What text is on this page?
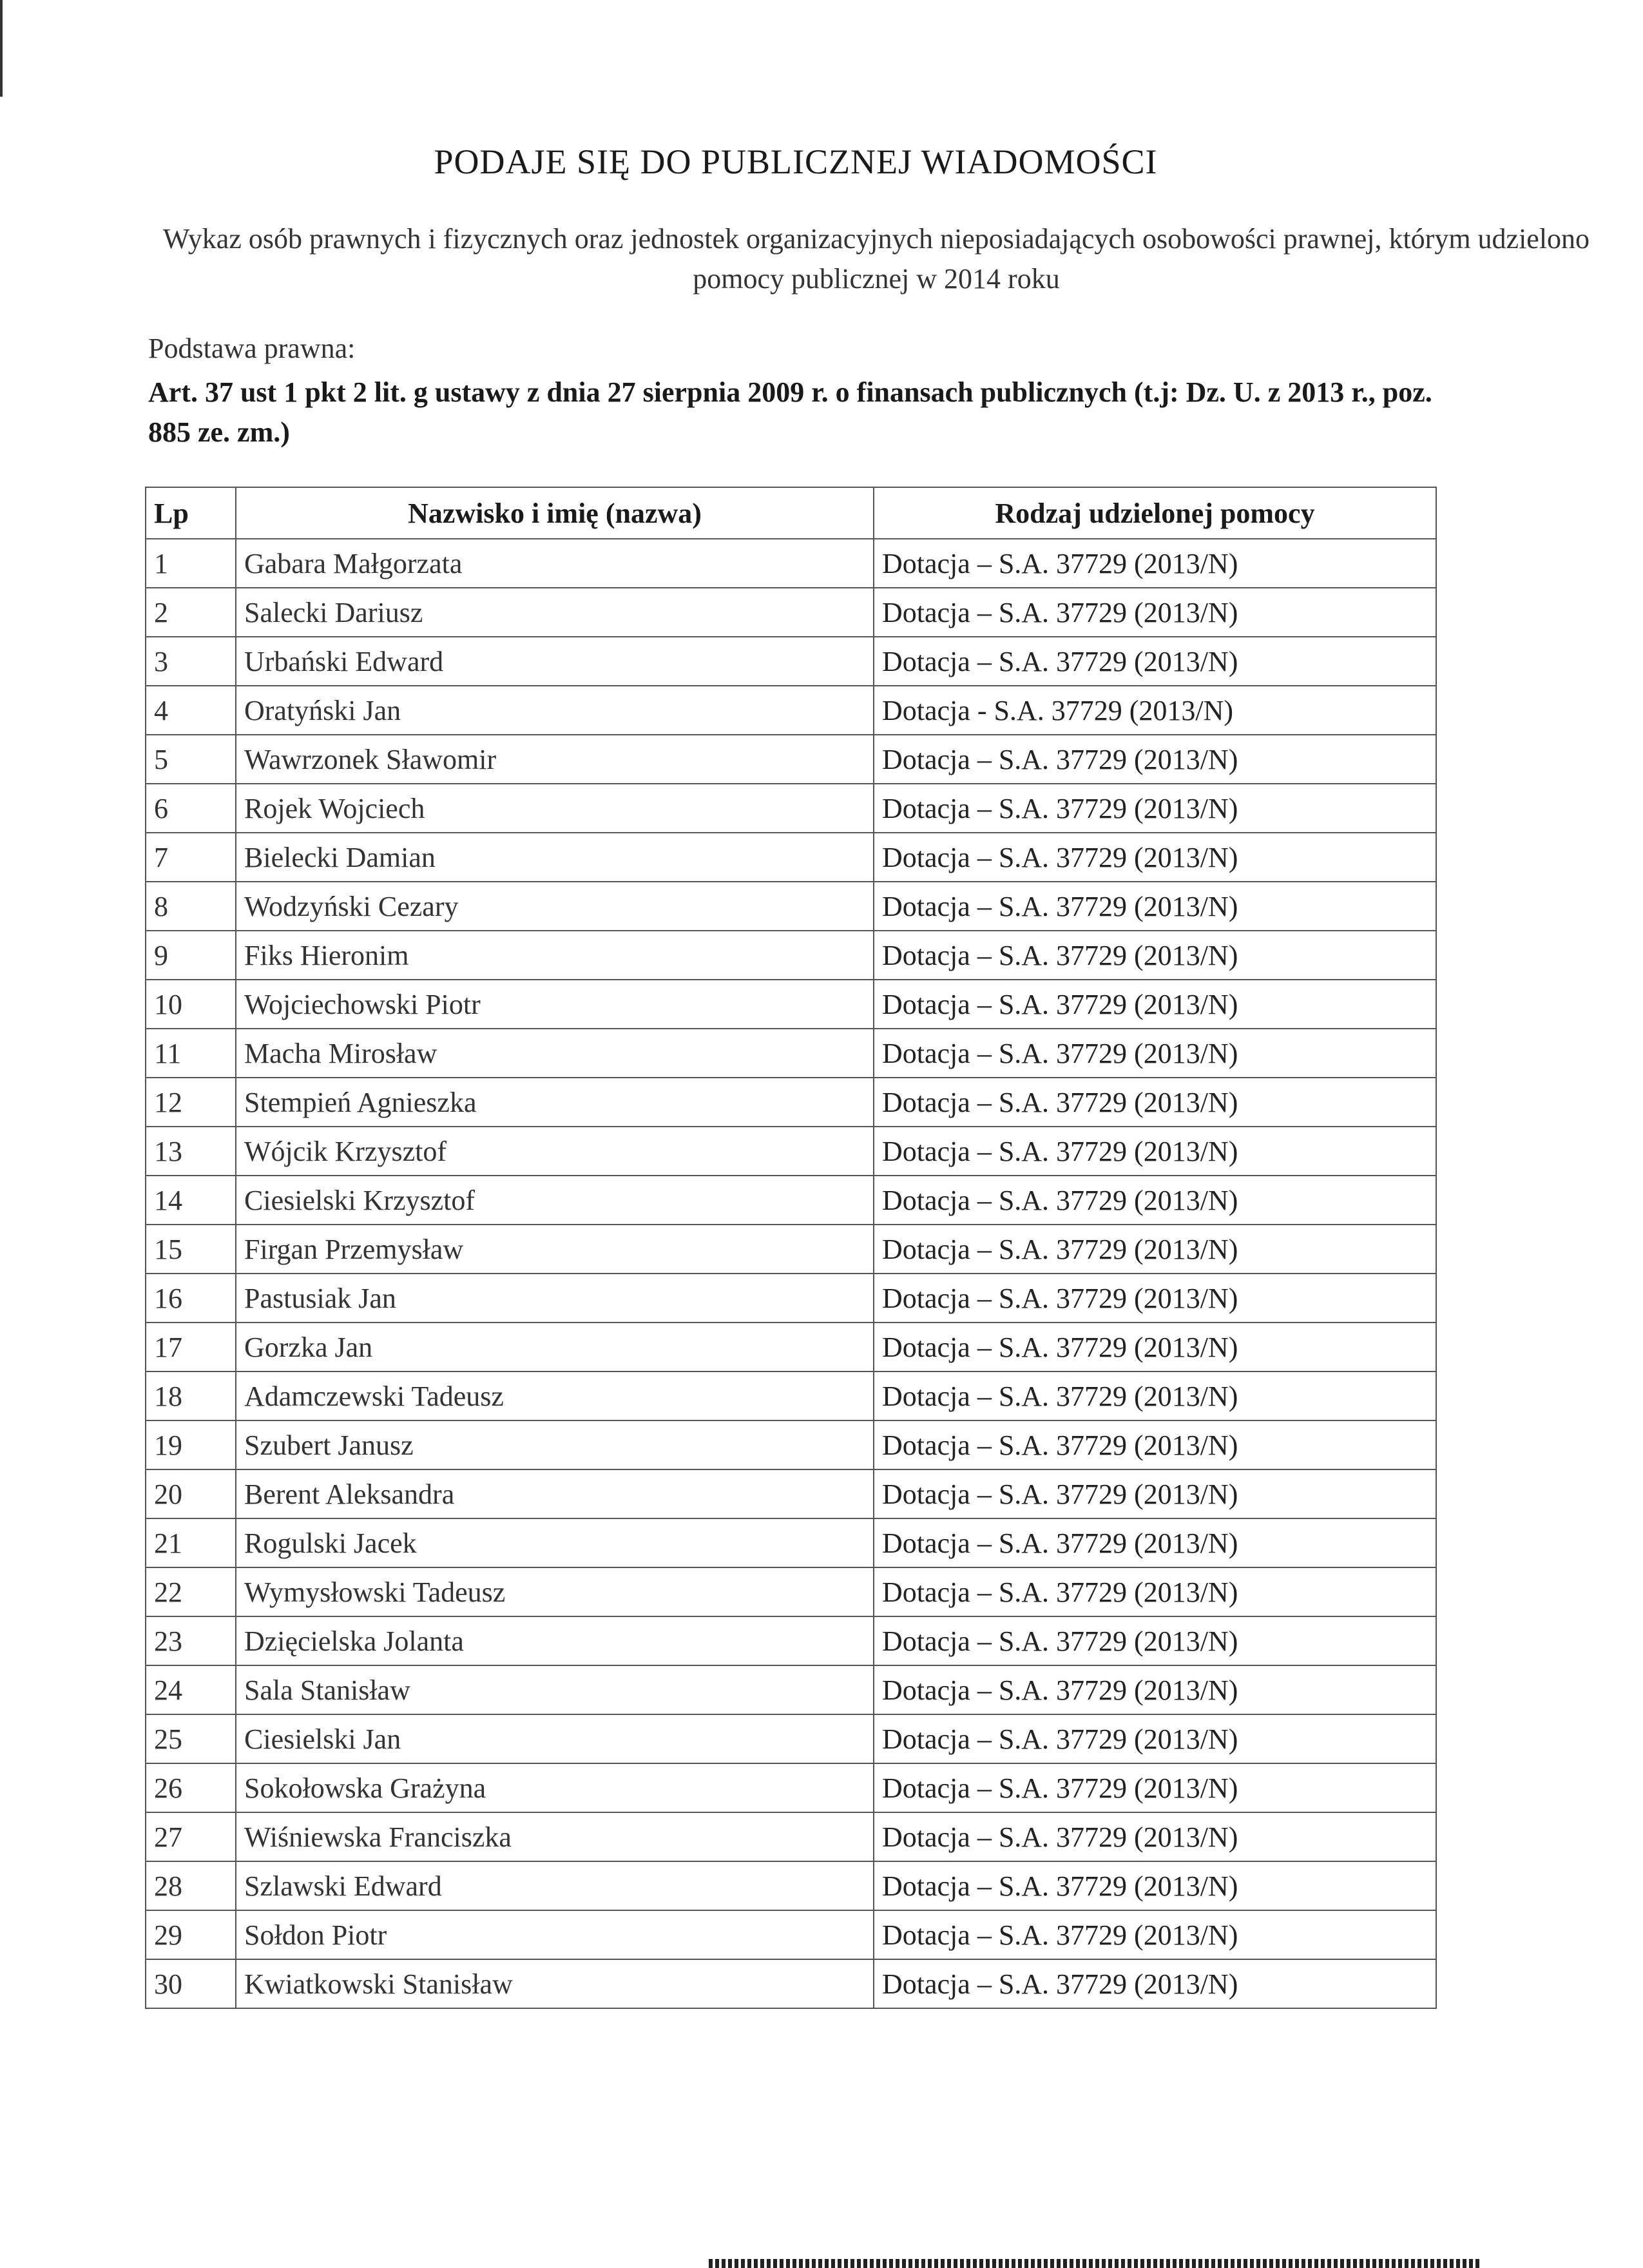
PODAJE SIĘ DO PUBLICZNEJ WIADOMOŚCI
Wykaz osób prawnych i fizycznych oraz jednostek organizacyjnych nieposiadających osobowości prawnej, którym udzielono pomocy publicznej w 2014 roku
Podstawa prawna:
Art. 37 ust 1 pkt 2 lit. g ustawy z dnia 27 sierpnia 2009 r. o finansach publicznych (t.j: Dz. U. z 2013 r., poz. 885 ze. zm.)
Lp	Nazwisko i imię (nazwa)	Rodzaj udzielonej pomocy
1	Gabara Małgorzata	Dotacja – S.A. 37729 (2013/N)
2	Salecki Dariusz	Dotacja – S.A. 37729 (2013/N)
3	Urbański Edward	Dotacja – S.A. 37729 (2013/N)
4	Oratyński Jan	Dotacja - S.A. 37729 (2013/N)
5	Wawrzonek Sławomir	Dotacja – S.A. 37729 (2013/N)
6	Rojek Wojciech	Dotacja – S.A. 37729 (2013/N)
7	Bielecki Damian	Dotacja – S.A. 37729 (2013/N)
8	Wodzyński Cezary	Dotacja – S.A. 37729 (2013/N)
9	Fiks Hieronim	Dotacja – S.A. 37729 (2013/N)
10	Wojciechowski Piotr	Dotacja – S.A. 37729 (2013/N)
11	Macha Mirosław	Dotacja – S.A. 37729 (2013/N)
12	Stempień Agnieszka	Dotacja – S.A. 37729 (2013/N)
13	Wójcik Krzysztof	Dotacja – S.A. 37729 (2013/N)
14	Ciesielski Krzysztof	Dotacja – S.A. 37729 (2013/N)
15	Firgan Przemysław	Dotacja – S.A. 37729 (2013/N)
16	Pastusiak Jan	Dotacja – S.A. 37729 (2013/N)
17	Gorzka Jan	Dotacja – S.A. 37729 (2013/N)
18	Adamczewski Tadeusz	Dotacja – S.A. 37729 (2013/N)
19	Szubert Janusz	Dotacja – S.A. 37729 (2013/N)
20	Berent Aleksandra	Dotacja – S.A. 37729 (2013/N)
21	Rogulski Jacek	Dotacja – S.A. 37729 (2013/N)
22	Wymysłowski Tadeusz	Dotacja – S.A. 37729 (2013/N)
23	Dzięcielska Jolanta	Dotacja – S.A. 37729 (2013/N)
24	Sala Stanisław	Dotacja – S.A. 37729 (2013/N)
25	Ciesielski Jan	Dotacja – S.A. 37729 (2013/N)
26	Sokołowska Grażyna	Dotacja – S.A. 37729 (2013/N)
27	Wiśniewska Franciszka	Dotacja – S.A. 37729 (2013/N)
28	Szlawski Edward	Dotacja – S.A. 37729 (2013/N)
29	Sołdon Piotr	Dotacja – S.A. 37729 (2013/N)
30	Kwiatkowski Stanisław	Dotacja – S.A. 37729 (2013/N)
